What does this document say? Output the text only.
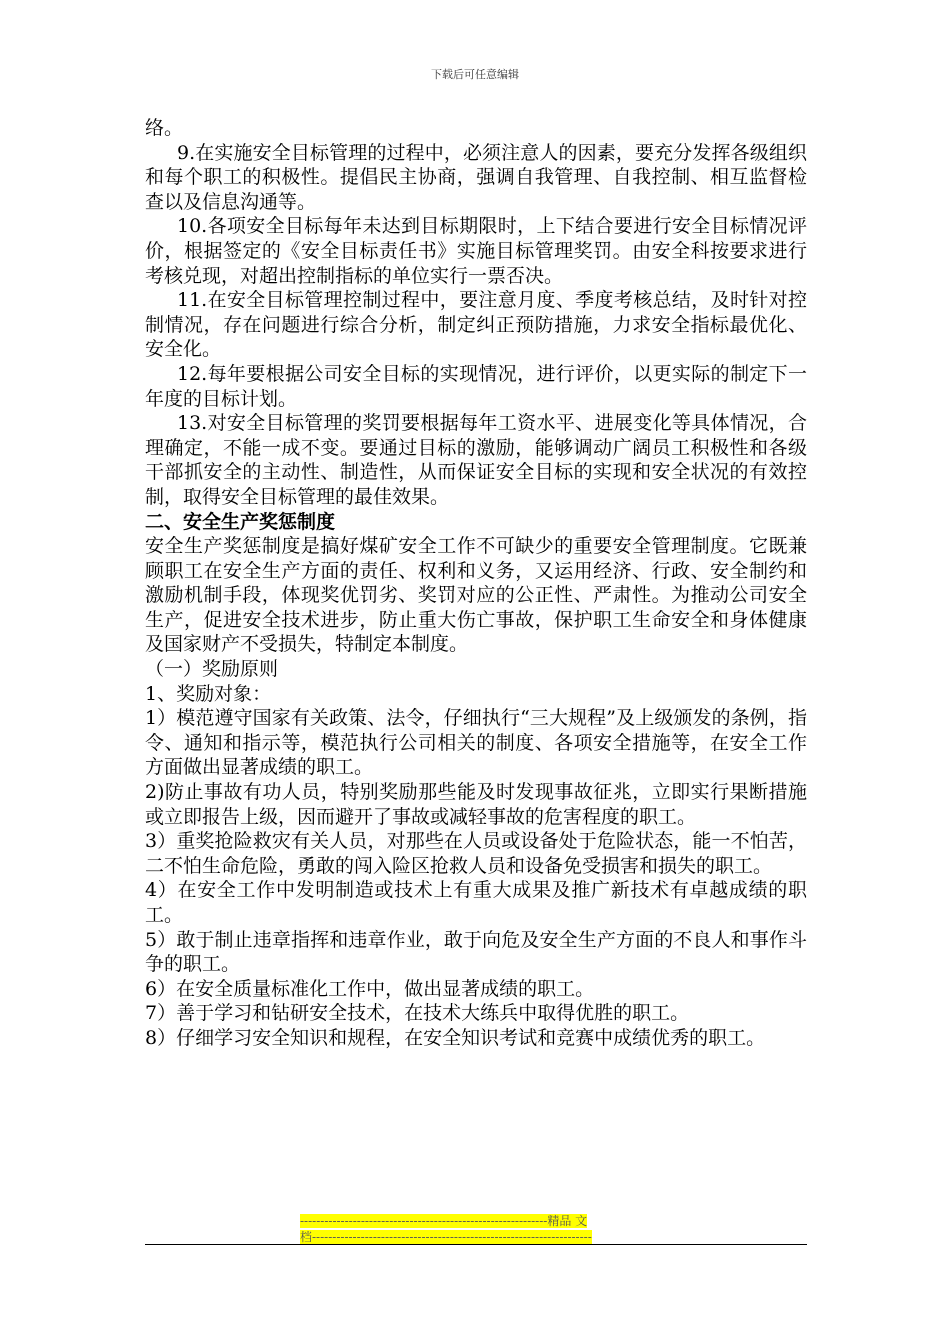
下载后可任意编辑

络。

9.在实施安全目标管理的过程中，必须注意人的因素，要充分发挥各级组织和每个职工的积极性。提倡民主协商，强调自我管理、自我控制、相互监督检查以及信息沟通等。

10.各项安全目标每年未达到目标期限时，上下结合要进行安全目标情况评价，根据签定的《安全目标责任书》实施目标管理奖罚。由安全科按要求进行考核兑现，对超出控制指标的单位实行一票否决。

11.在安全目标管理控制过程中，要注意月度、季度考核总结，及时针对控制情况，存在问题进行综合分析，制定纠正预防措施，力求安全指标最优化、安全化。

12.每年要根据公司安全目标的实现情况，进行评价，以更实际的制定下一年度的目标计划。

13.对安全目标管理的奖罚要根据每年工资水平、进展变化等具体情况，合理确定，不能一成不变。要通过目标的激励，能够调动广阔员工积极性和各级干部抓安全的主动性、制造性，从而保证安全目标的实现和安全状况的有效控制，取得安全目标管理的最佳效果。

二、安全生产奖惩制度

安全生产奖惩制度是搞好煤矿安全工作不可缺少的重要安全管理制度。它既兼顾职工在安全生产方面的责任、权利和义务，又运用经济、行政、安全制约和激励机制手段，体现奖优罚劣、奖罚对应的公正性、严肃性。为推动公司安全生产，促进安全技术进步，防止重大伤亡事故，保护职工生命安全和身体健康及国家财产不受损失，特制定本制度。

（一）奖励原则

1、奖励对象：

1）模范遵守国家有关政策、法令，仔细执行“三大规程”及上级颁发的条例，指令、通知和指示等，模范执行公司相关的制度、各项安全措施等，在安全工作方面做出显著成绩的职工。

2)防止事故有功人员，特别奖励那些能及时发现事故征兆，立即实行果断措施或立即报告上级，因而避开了事故或减轻事故的危害程度的职工。

3）重奖抢险救灾有关人员，对那些在人员或设备处于危险状态，能一不怕苦，二不怕生命危险，勇敢的闯入险区抢救人员和设备免受损害和损失的职工。

4）在安全工作中发明制造或技术上有重大成果及推广新技术有卓越成绩的职工。

5）敢于制止违章指挥和违章作业，敢于向危及安全生产方面的不良人和事作斗争的职工。

6）在安全质量标准化工作中，做出显著成绩的职工。

7）善于学习和钻研安全技术，在技术大练兵中取得优胜的职工。

8）仔细学习安全知识和规程，在安全知识考试和竞赛中成绩优秀的职工。

-------------------------------------------------------------精品 文
档---------------------------------------------------------------------
